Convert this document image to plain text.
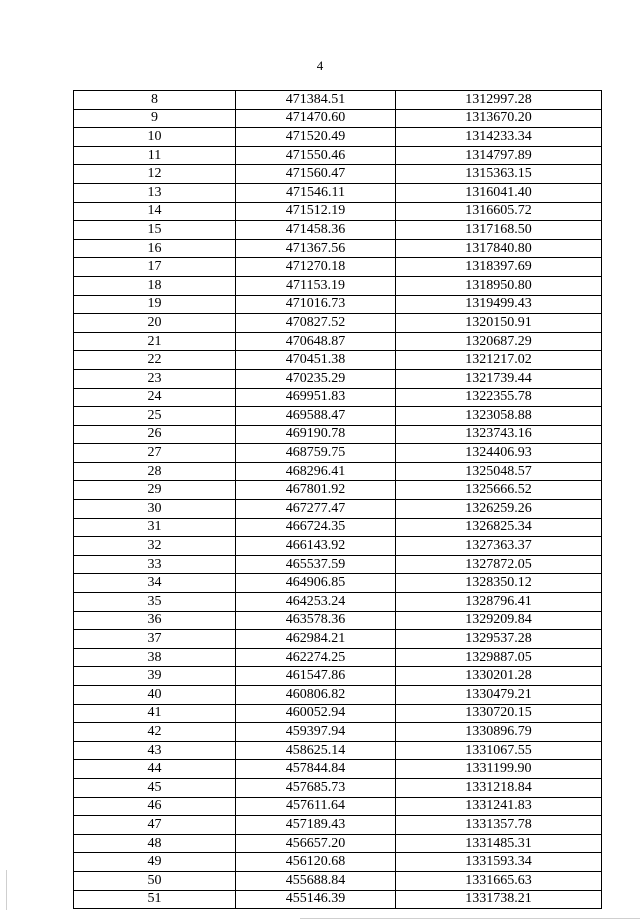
4
8	471384.51	1312997.28
9	471470.60	1313670.20
10	471520.49	1314233.34
11	471550.46	1314797.89
12	471560.47	1315363.15
13	471546.11	1316041.40
14	471512.19	1316605.72
15	471458.36	1317168.50
16	471367.56	1317840.80
17	471270.18	1318397.69
18	471153.19	1318950.80
19	471016.73	1319499.43
20	470827.52	1320150.91
21	470648.87	1320687.29
22	470451.38	1321217.02
23	470235.29	1321739.44
24	469951.83	1322355.78
25	469588.47	1323058.88
26	469190.78	1323743.16
27	468759.75	1324406.93
28	468296.41	1325048.57
29	467801.92	1325666.52
30	467277.47	1326259.26
31	466724.35	1326825.34
32	466143.92	1327363.37
33	465537.59	1327872.05
34	464906.85	1328350.12
35	464253.24	1328796.41
36	463578.36	1329209.84
37	462984.21	1329537.28
38	462274.25	1329887.05
39	461547.86	1330201.28
40	460806.82	1330479.21
41	460052.94	1330720.15
42	459397.94	1330896.79
43	458625.14	1331067.55
44	457844.84	1331199.90
45	457685.73	1331218.84
46	457611.64	1331241.83
47	457189.43	1331357.78
48	456657.20	1331485.31
49	456120.68	1331593.34
50	455688.84	1331665.63
51	455146.39	1331738.21
